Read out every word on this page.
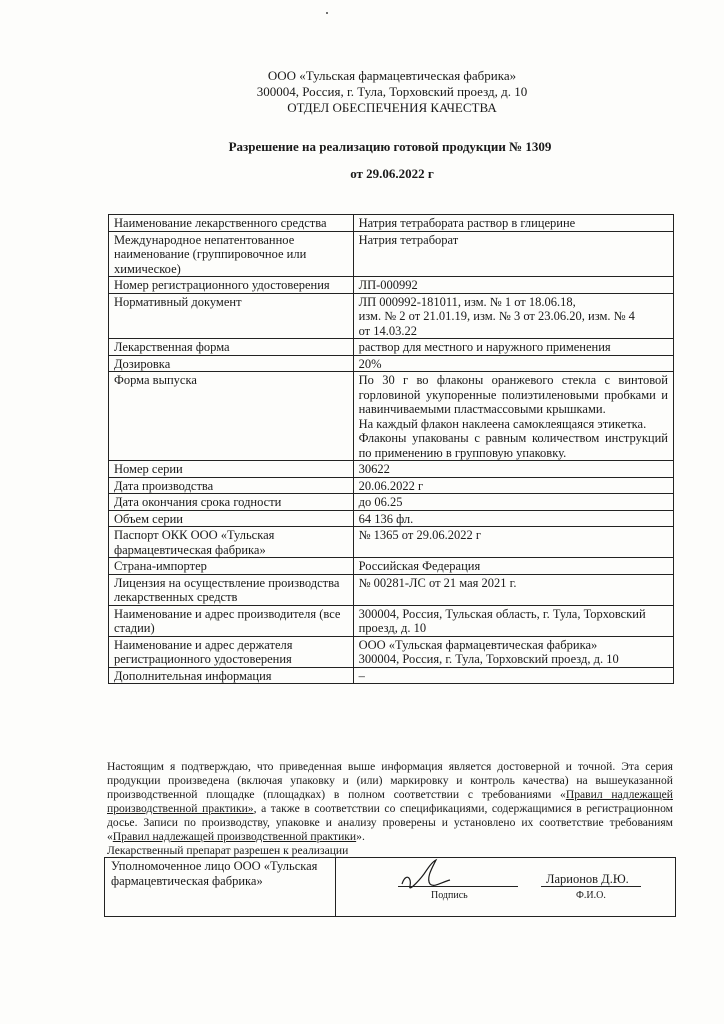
ООО «Тульская фармацевтическая фабрика»
300004, Россия, г. Тула, Торховский проезд, д. 10
ОТДЕЛ ОБЕСПЕЧЕНИЯ КАЧЕСТВА
Разрешение на реализацию готовой продукции № 1309
от 29.06.2022 г
Наименование лекарственного средства	Натрия тетрабората раствор в глицерине
Международное непатентованное наименование (группировочное или химическое)	Натрия тетраборат
Номер регистрационного удостоверения	ЛП-000992
Нормативный документ	ЛП 000992-181011, изм. № 1 от 18.06.18,
изм. № 2 от 21.01.19, изм. № 3 от 23.06.20, изм. № 4
от 14.03.22

Лекарственная форма	раствор для местного и наружного применения
Дозировка	20%
Форма выпуска	По 30 г во флаконы оранжевого стекла с винтовой горловиной укупоренные полиэтиленовыми пробками и навинчиваемыми пластмассовыми крышками.
На каждый флакон наклеена самоклеящаяся этикетка.
Флаконы упакованы с равным количеством инструкций по применению в групповую упаковку.

Номер серии	30622
Дата производства	20.06.2022 г
Дата окончания срока годности	до 06.25
Объем серии	64 136 фл.
Паспорт ОКК ООО «Тульская фармацевтическая фабрика»	№ 1365 от 29.06.2022 г
Страна-импортер	Российская Федерация
Лицензия на осуществление производства лекарственных средств	№ 00281-ЛС от 21 мая 2021 г.
Наименование и адрес производителя (все стадии)	300004, Россия, Тульская область, г. Тула, Торховский проезд, д. 10
Наименование и адрес держателя регистрационного удостоверения	ООО «Тульская фармацевтическая фабрика»
300004, Россия, г. Тула, Торховский проезд, д. 10

Дополнительная информация	–
Настоящим я подтверждаю, что приведенная выше информация является достоверной и точной. Эта серия продукции произведена (включая упаковку и (или) маркировку и контроль качества) на вышеуказанной производственной площадке (площадках) в полном соответствии с требованиями «Правил надлежащей производственной практики», а также в соответствии со спецификациями, содержащимися в регистрационном досье. Записи по производству, упаковке и анализу проверены и установлено их соответствие требованиям «Правил надлежащей производственной практики».
Лекарственный препарат разрешен к реализации
Уполномоченное лицо ООО «Тульская фармацевтическая фабрика»	
Подпись
Ларионов Д.Ю.
Ф.И.О.
